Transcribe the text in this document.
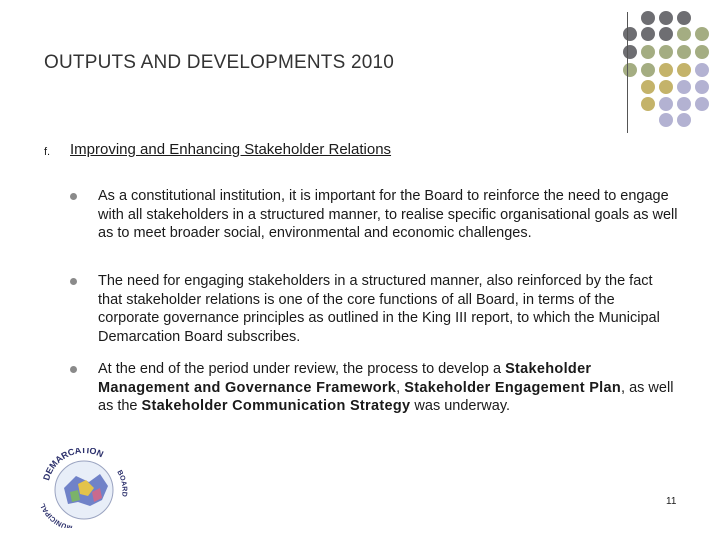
OUTPUTS AND DEVELOPMENTS 2010
f. Improving and Enhancing Stakeholder Relations
As a constitutional institution, it is important for the Board to reinforce the need to engage with all stakeholders in a structured manner, to realise specific organisational goals as well as to meet broader social, environmental and economic challenges.
The need for engaging stakeholders in a structured manner, also reinforced by the fact that stakeholder relations is one of the core functions of all Board, in terms of the corporate governance principles as outlined in the King III report, to which the Municipal Demarcation Board subscribes.
At the end of the period under review, the process to develop a Stakeholder Management and Governance Framework, Stakeholder Engagement Plan, as well as the Stakeholder Communication Strategy was underway.
DEMARCATION
BOARD
MUNICIPAL	11
